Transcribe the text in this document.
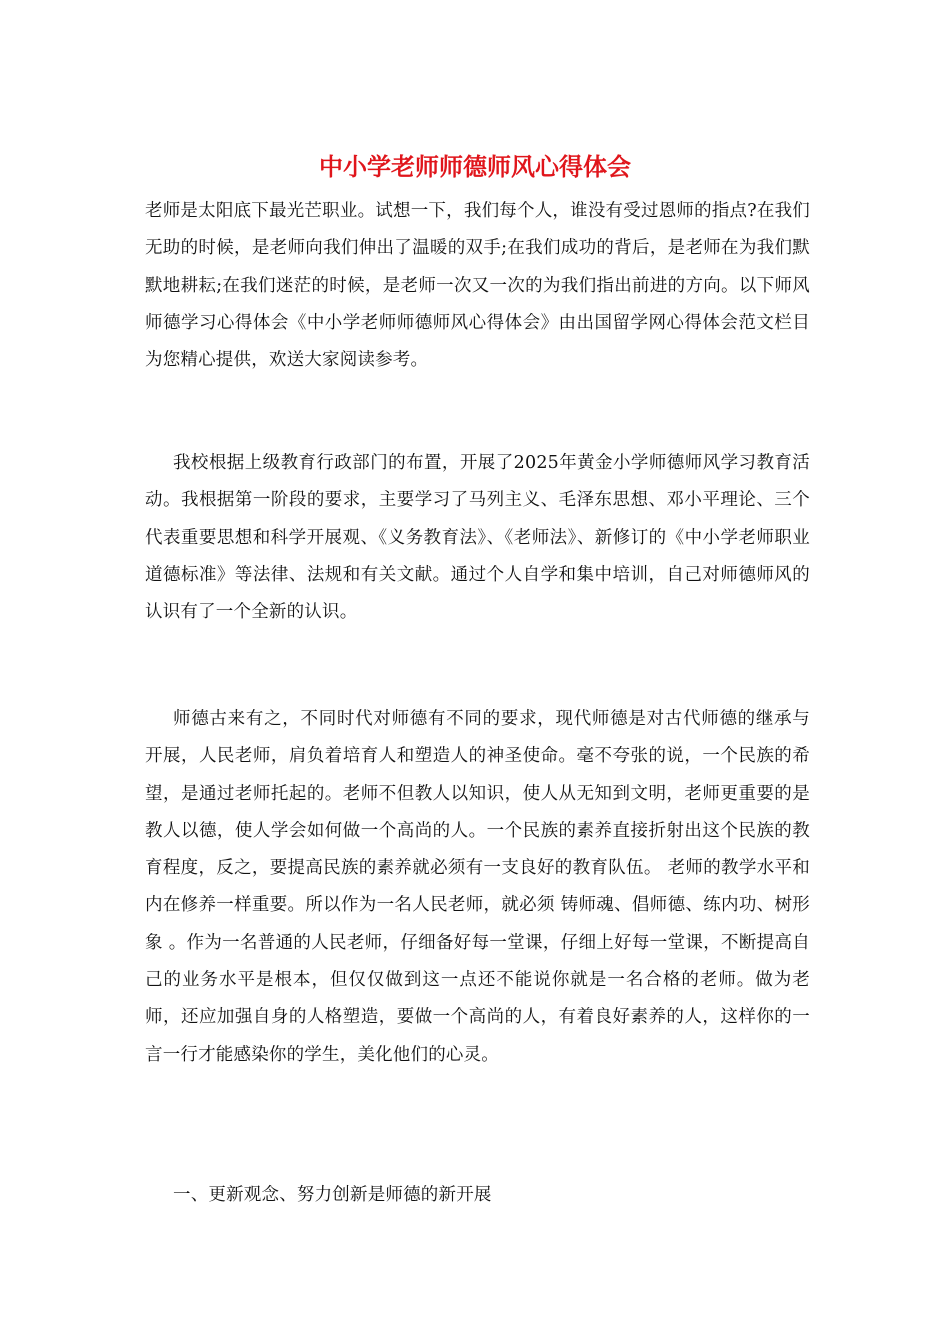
中小学老师师德师风心得体会

老师是太阳底下最光芒职业。试想一下，我们每个人，谁没有受过恩师的指点?在我们无助的时候，是老师向我们伸出了温暖的双手;在我们成功的背后，是老师在为我们默默地耕耘;在我们迷茫的时候，是老师一次又一次的为我们指出前进的方向。以下师风师德学习心得体会《中小学老师师德师风心得体会》由出国留学网心得体会范文栏目为您精心提供，欢送大家阅读参考。

我校根据上级教育行政部门的布置，开展了2025年黄金小学师德师风学习教育活动。我根据第一阶段的要求，主要学习了马列主义、毛泽东思想、邓小平理论、三个代表重要思想和科学开展观、《义务教育法》、《老师法》、新修订的《中小学老师职业道德标准》等法律、法规和有关文献。通过个人自学和集中培训，自己对师德师风的认识有了一个全新的认识。

师德古来有之，不同时代对师德有不同的要求，现代师德是对古代师德的继承与开展，人民老师，肩负着培育人和塑造人的神圣使命。毫不夸张的说，一个民族的希望，是通过老师托起的。老师不但教人以知识，使人从无知到文明，老师更重要的是教人以德，使人学会如何做一个高尚的人。一个民族的素养直接折射出这个民族的教育程度，反之，要提高民族的素养就必须有一支良好的教育队伍。 老师的教学水平和内在修养一样重要。所以作为一名人民老师，就必须 铸师魂、倡师德、练内功、树形象 。作为一名普通的人民老师，仔细备好每一堂课，仔细上好每一堂课，不断提高自己的业务水平是根本，但仅仅做到这一点还不能说你就是一名合格的老师。做为老师，还应加强自身的人格塑造，要做一个高尚的人，有着良好素养的人，这样你的一言一行才能感染你的学生，美化他们的心灵。

一、更新观念、努力创新是师德的新开展
